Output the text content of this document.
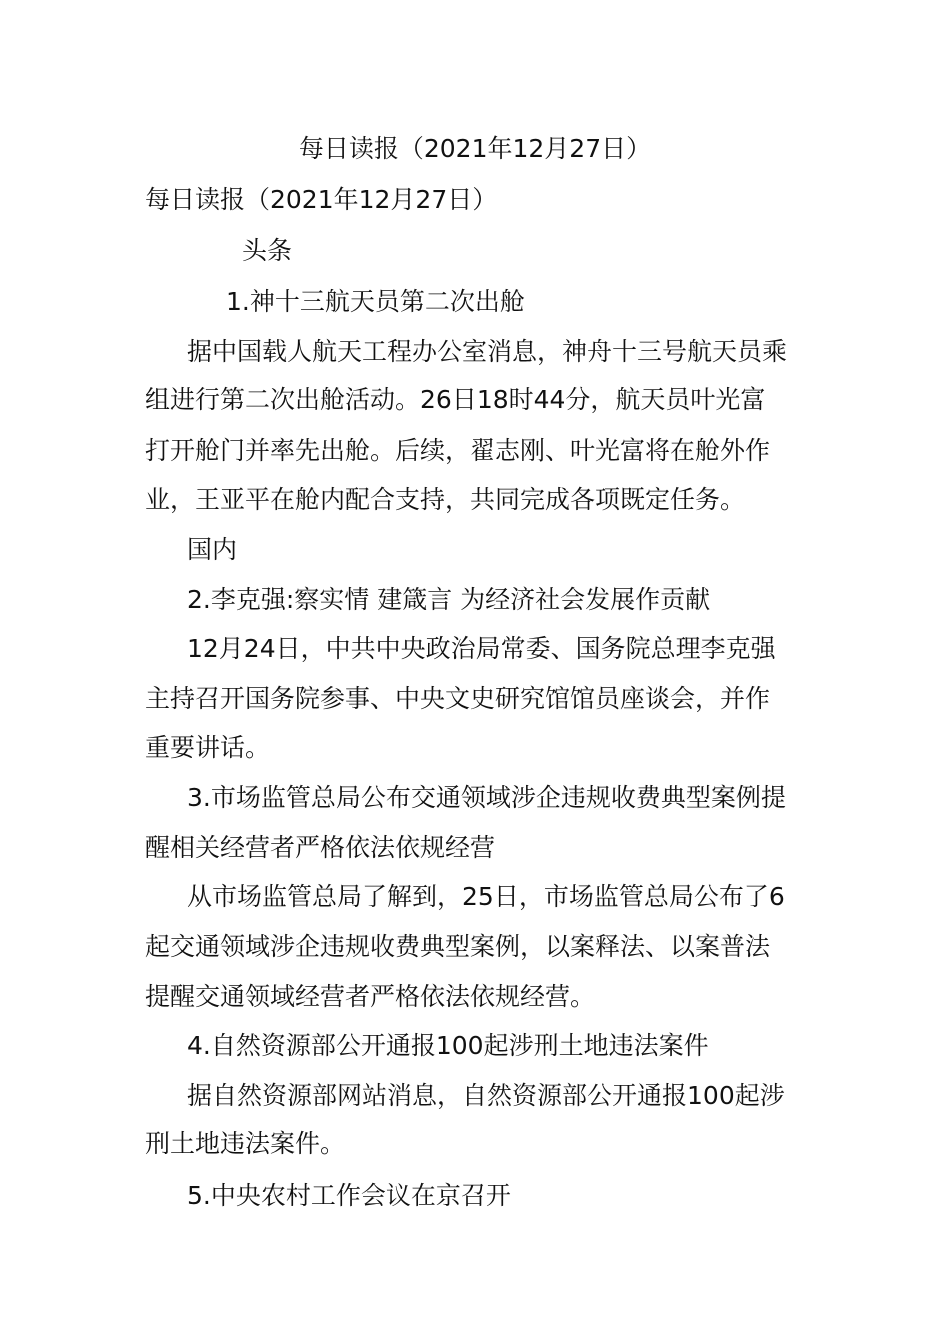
每日读报（2021年12月27日）
每日读报（2021年12月27日）
头条
1.神十三航天员第二次出舱
据中国载人航天工程办公室消息，神舟十三号航天员乘
组进行第二次出舱活动。26日18时44分，航天员叶光富
打开舱门并率先出舱。后续，翟志刚、叶光富将在舱外作
业，王亚平在舱内配合支持，共同完成各项既定任务。
国内
2.李克强:察实情 建箴言 为经济社会发展作贡献
12月24日，中共中央政治局常委、国务院总理李克强
主持召开国务院参事、中央文史研究馆馆员座谈会，并作
重要讲话。
3.市场监管总局公布交通领域涉企违规收费典型案例提
醒相关经营者严格依法依规经营
从市场监管总局了解到，25日，市场监管总局公布了6
起交通领域涉企违规收费典型案例，以案释法、以案普法
提醒交通领域经营者严格依法依规经营。
4.自然资源部公开通报100起涉刑土地违法案件
据自然资源部网站消息，自然资源部公开通报100起涉
刑土地违法案件。
5.中央农村工作会议在京召开
